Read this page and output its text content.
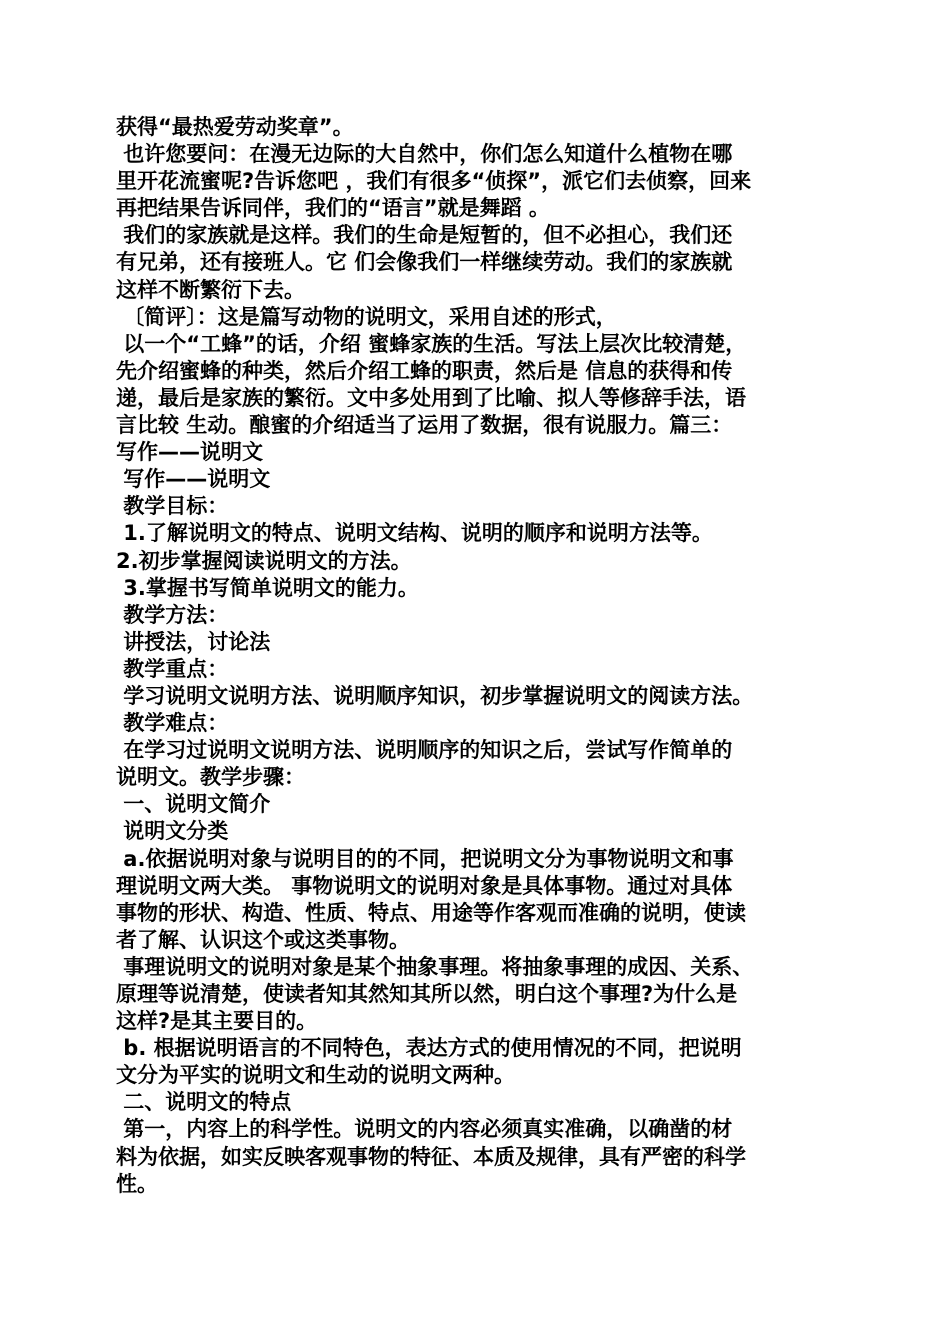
获得“最热爱劳动奖章”。
也许您要问：在漫无边际的大自然中，你们怎么知道什么植物在哪
里开花流蜜呢?告诉您吧 ，我们有很多“侦探”，派它们去侦察，回来
再把结果告诉同伴，我们的“语言”就是舞蹈 。
我们的家族就是这样。我们的生命是短暂的，但不必担心，我们还
有兄弟，还有接班人。它 们会像我们一样继续劳动。我们的家族就
这样不断繁衍下去。
〔简评〕：这是篇写动物的说明文，采用自述的形式，
以一个“工蜂”的话，介绍 蜜蜂家族的生活。写法上层次比较清楚，
先介绍蜜蜂的种类，然后介绍工蜂的职责，然后是 信息的获得和传
递，最后是家族的繁衍。文中多处用到了比喻、拟人等修辞手法，语
言比较 生动。酿蜜的介绍适当了运用了数据，很有说服力。篇三：
写作——说明文
写作——说明文
教学目标：
1.了解说明文的特点、说明文结构、说明的顺序和说明方法等。
2.初步掌握阅读说明文的方法。
3.掌握书写简单说明文的能力。
教学方法：
讲授法，讨论法
教学重点：
学习说明文说明方法、说明顺序知识，初步掌握说明文的阅读方法。
教学难点：
在学习过说明文说明方法、说明顺序的知识之后，尝试写作简单的
说明文。教学步骤：
一、说明文简介
说明文分类
a.依据说明对象与说明目的的不同，把说明文分为事物说明文和事
理说明文两大类。 事物说明文的说明对象是具体事物。通过对具体
事物的形状、构造、性质、特点、用途等作客观而准确的说明，使读
者了解、认识这个或这类事物。
事理说明文的说明对象是某个抽象事理。将抽象事理的成因、关系、
原理等说清楚，使读者知其然知其所以然，明白这个事理?为什么是
这样?是其主要目的。
b. 根据说明语言的不同特色，表达方式的使用情况的不同，把说明
文分为平实的说明文和生动的说明文两种。
二、说明文的特点
第一，内容上的科学性。说明文的内容必须真实准确，以确凿的材
料为依据，如实反映客观事物的特征、本质及规律，具有严密的科学
性。
